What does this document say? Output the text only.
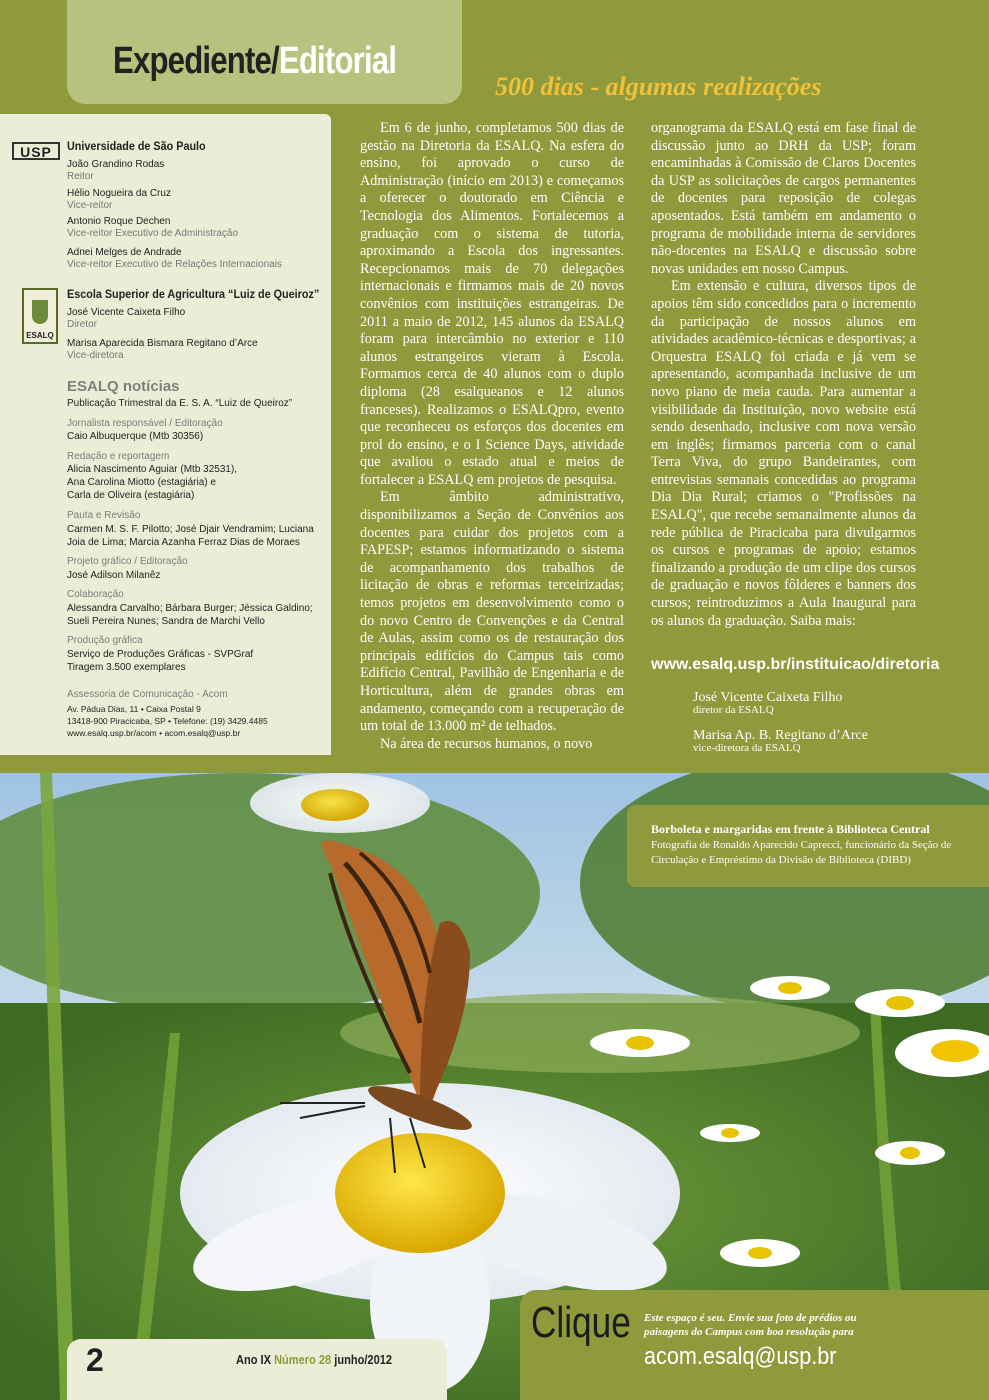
Expediente/Editorial
500 dias - algumas realizações
USP	Universidade de São Paulo
João Grandino Rodas
Reitor
Hélio Nogueira da Cruz
Vice-reitor
Antonio Roque Dechen
Vice-reitor Executivo de Administração
Adnei Melges de Andrade
Vice-reitor Executivo de Relações Internacionais
ESALQ
Escola Superior de Agricultura “Luiz de Queiroz”
José Vicente Caixeta Filho
Diretor
Marisa Aparecida Bismara Regitano d’Arce
Vice-diretora
ESALQ notícias
Publicação Trimestral da E. S. A. “Luiz de Queiroz”
Jornalista responsável / Editoração
Caio Albuquerque (Mtb 30356)
Redação e reportagem
Alicia Nascimento Aguiar (Mtb 32531),
Ana Carolina Miotto (estagiária) e
Carla de Oliveira (estagiária)
Pauta e Revisão
Carmen M. S. F. Pilotto; José Djair Vendramim; Luciana
Joia de Lima; Marcia Azanha Ferraz Dias de Moraes
Projeto gráfico / Editoração
José Adilson Milanêz
Colaboração
Alessandra Carvalho; Bárbara Burger; Jéssica Galdino;
Sueli Pereira Nunes; Sandra de Marchi Vello
Produção gráfica
Serviço de Produções Gráficas - SVPGraf
Tiragem 3.500 exemplares
Assessoria de Comunicação - Acom
Av. Pádua Dias, 11 • Caixa Postal 9
13418-900 Piracicaba, SP • Telefone: (19) 3429.4485
www.esalq.usp.br/acom • acom.esalq@usp.br

Em 6 de junho, completamos 500 dias de gestão na Diretoria da ESALQ. Na esfera do ensino, foi aprovado o curso de Administração (início em 2013) e começamos a oferecer o doutorado em Ciência e Tecnologia dos Alimentos. Fortalecemos a graduação com o sistema de tutoria, aproximando a Escola dos ingressantes. Recepcionamos mais de 70 delegações internacionais e firmamos mais de 20 novos convênios com instituições estrangeiras. De 2011 a maio de 2012, 145 alunos da ESALQ foram para intercâmbio no exterior e 110 alunos estrangeiros vieram à Escola. Formamos cerca de 40 alunos com o duplo diploma (28 esalqueanos e 12 alunos franceses). Realizamos o ESALQpro, evento que reconheceu os esforços dos docentes em prol do ensino, e o I Science Days, atividade que avaliou o estado atual e meios de fortalecer a ESALQ em projetos de pesquisa.

Em âmbito administrativo, disponibilizamos a Seção de Convênios aos docentes para cuidar dos projetos com a FAPESP; estamos informatizando o sistema de acompanhamento dos trabalhos de licitação de obras e reformas terceirizadas; temos projetos em desenvolvimento como o do novo Centro de Convenções e da Central de Aulas, assim como os de restauração dos principais edifícios do Campus tais como Edifício Central, Pavilhão de Engenharia e de Horticultura, além de grandes obras em andamento, começando com a recuperação de um total de 13.000 m² de telhados.

Na área de recursos humanos, o novo

organograma da ESALQ está em fase final de discussão junto ao DRH da USP; foram encaminhadas à Comissão de Claros Docentes da USP as solicitações de cargos permanentes de docentes para reposição de colegas aposentados. Está também em andamento o programa de mobilidade interna de servidores não-docentes na ESALQ e discussão sobre novas unidades em nosso Campus.

Em extensão e cultura, diversos tipos de apoios têm sido concedidos para o incremento da participação de nossos alunos em atividades acadêmico-técnicas e desportivas; a Orquestra ESALQ foi criada e já vem se apresentando, acompanhada inclusive de um novo piano de meia cauda. Para aumentar a visibilidade da Instituição, novo website está sendo desenhado, inclusive com nova versão em inglês; firmamos parceria com o canal Terra Viva, do grupo Bandeirantes, com entrevistas semanais concedidas ao programa Dia Dia Rural; criamos o "Profissões na ESALQ", que recebe semanalmente alunos da rede pública de Piracicaba para divulgarmos os cursos e programas de apoio; estamos finalizando a produção de um clipe dos cursos de graduação e novos fôlderes e banners dos cursos; reintroduzimos a Aula Inaugural para os alunos da graduação. Saiba mais:

www.esalq.usp.br/instituicao/diretoria
José Vicente Caixeta Filho
diretor da ESALQ
Marisa Ap. B. Regitano d’Arce
vice-diretora da ESALQ
Borboleta e margaridas em frente à Biblioteca Central
Fotografia de Ronaldo Aparecido Caprecci, funcionário da Seção de Circulação e Empréstimo da Divisão de Biblioteca (DIBD)
2	Ano IX Número 28 junho/2012
Clique Este espaço é seu. Envie sua foto de prédios ou paisagens do Campus com boa resolução para
acom.esalq@usp.br
